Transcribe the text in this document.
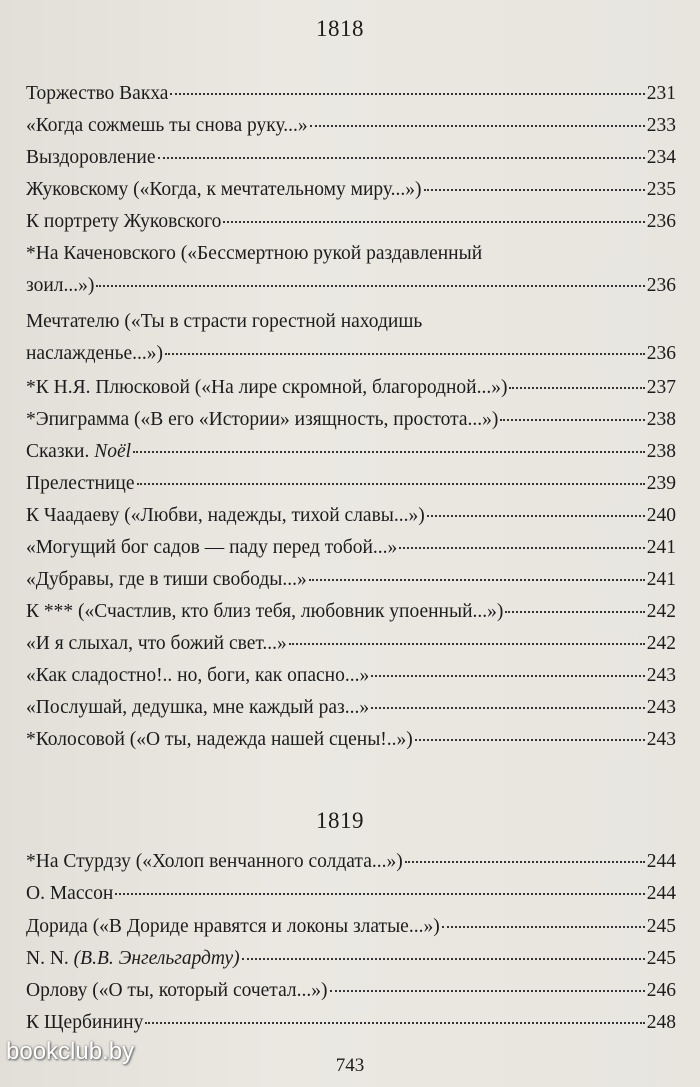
1818
Торжество Вакха	231
«Когда сожмешь ты снова руку...»	233
Выздоровление	234
Жуковскому («Когда, к мечтательному миру...»)	235
К портрету Жуковского	236
*На Каченовского («Бессмертною рукой раздавленный
зоил...»)	236
Мечтателю («Ты в страсти горестной находишь
наслажденье...»)	236
*К Н.Я. Плюсковой («На лире скромной, благородной...»)	237
*Эпиграмма («В его «Истории» изящность, простота...»)	238
Сказки. Noël	238
Прелестнице	239
К Чаадаеву («Любви, надежды, тихой славы...»)	240
«Могущий бог садов — паду перед тобой...»	241
«Дубравы, где в тиши свободы...»	241
К *** («Счастлив, кто близ тебя, любовник упоенный...»)	242
«И я слыхал, что божий свет...»	242
«Как сладостно!.. но, боги, как опасно...»	243
«Послушай, дедушка, мне каждый раз...»	243
*Колосовой («О ты, надежда нашей сцены!..»)	243
1819
*На Стурдзу («Холоп венчанного солдата...»)	244
О. Массон	244
Дорида («В Дориде нравятся и локоны златые...»)	245
N. N. (В.В. Энгельгардту)	245
Орлову («О ты, который сочетал...»)	246
К Щербинину	248
743
bookclub.by
